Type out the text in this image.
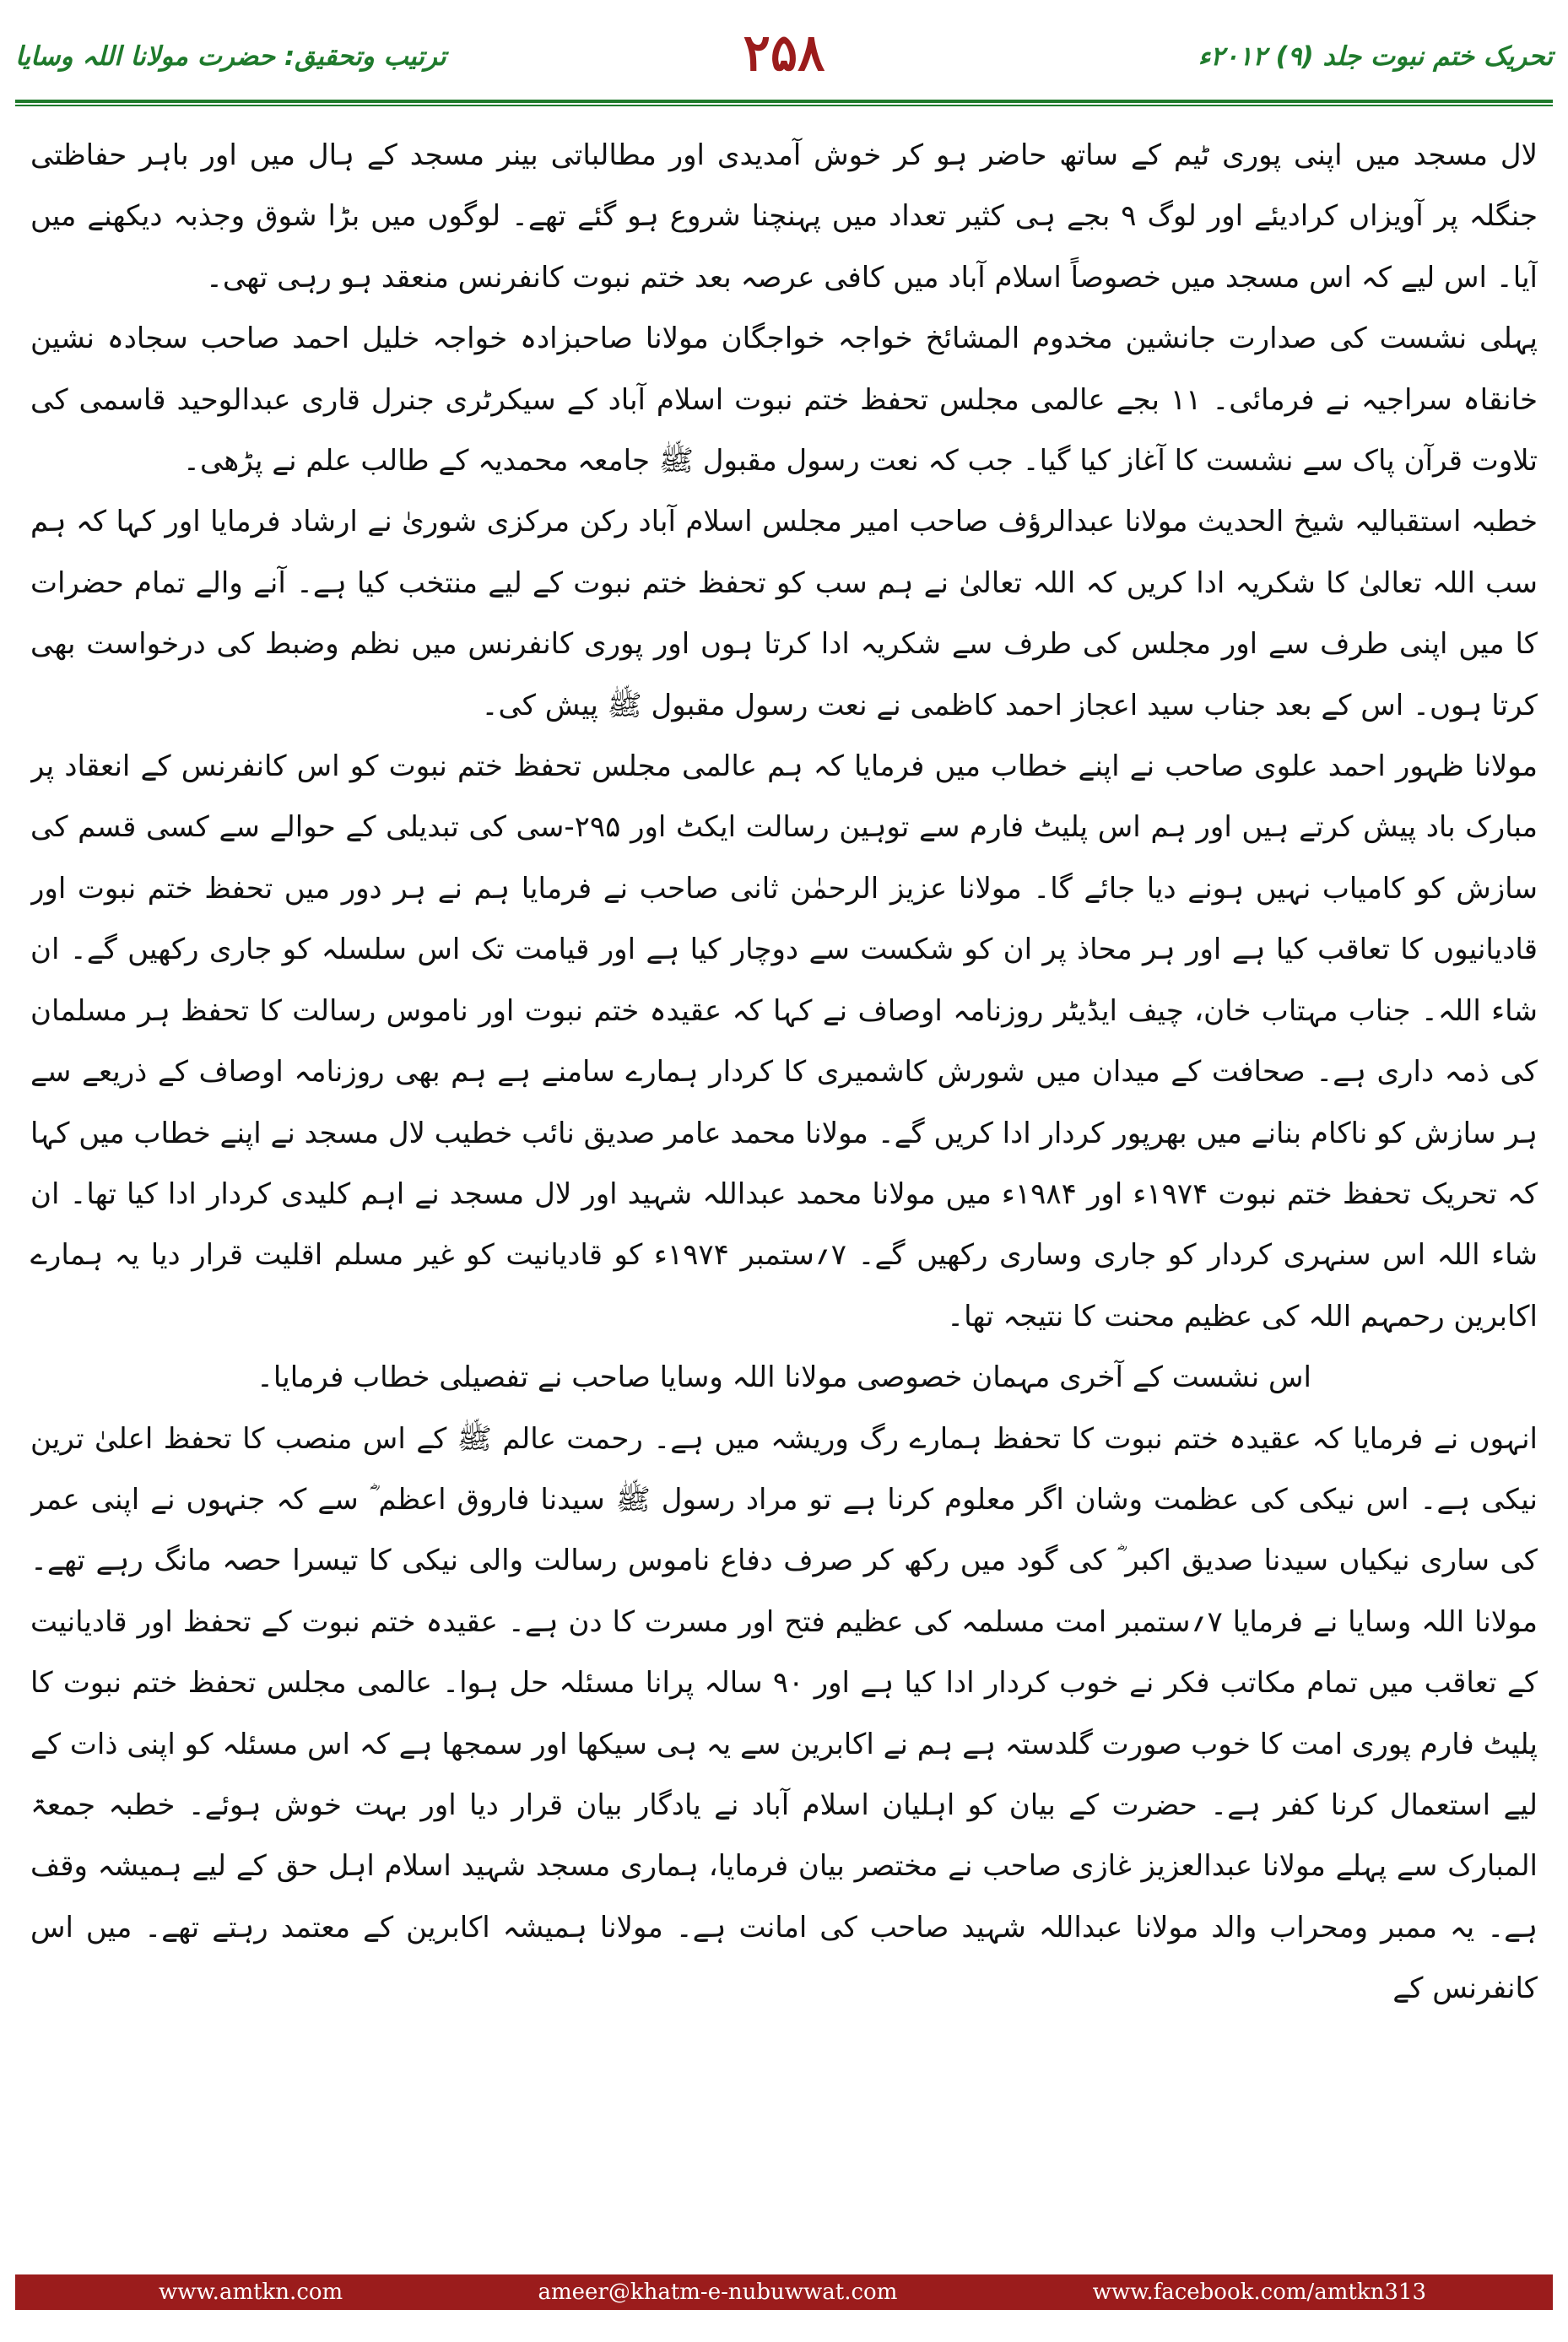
ترتیب وتحقیق: حضرت مولانا اللہ وسایا	۲۵۸	تحریک ختم نبوت جلد (۹) ۲۰۱۲ء

لال مسجد میں اپنی پوری ٹیم کے ساتھ حاضر ہو کر خوش آمدیدی اور مطالباتی بینر مسجد کے ہال میں اور باہر حفاظتی جنگلہ پر آویزاں کرادیئے اور لوگ ۹ بجے ہی کثیر تعداد میں پہنچنا شروع ہو گئے تھے۔ لوگوں میں بڑا شوق وجذبہ دیکھنے میں آیا۔ اس لیے کہ اس مسجد میں خصوصاً اسلام آباد میں کافی عرصہ بعد ختم نبوت کانفرنس منعقد ہو رہی تھی۔

پہلی نشست کی صدارت جانشین مخدوم المشائخ خواجہ خواجگان مولانا صاحبزادہ خواجہ خلیل احمد صاحب سجادہ نشین خانقاہ سراجیہ نے فرمائی۔ ۱۱ بجے عالمی مجلس تحفظ ختم نبوت اسلام آباد کے سیکرٹری جنرل قاری عبدالوحید قاسمی کی تلاوت قرآن پاک سے نشست کا آغاز کیا گیا۔ جب کہ نعت رسول مقبول ﷺ جامعہ محمدیہ کے طالب علم نے پڑھی۔

خطبہ استقبالیہ شیخ الحدیث مولانا عبدالرؤف صاحب امیر مجلس اسلام آباد رکن مرکزی شوریٰ نے ارشاد فرمایا اور کہا کہ ہم سب اللہ تعالیٰ کا شکریہ ادا کریں کہ اللہ تعالیٰ نے ہم سب کو تحفظ ختم نبوت کے لیے منتخب کیا ہے۔ آنے والے تمام حضرات کا میں اپنی طرف سے اور مجلس کی طرف سے شکریہ ادا کرتا ہوں اور پوری کانفرنس میں نظم وضبط کی درخواست بھی کرتا ہوں۔ اس کے بعد جناب سید اعجاز احمد کاظمی نے نعت رسول مقبول ﷺ پیش کی۔

مولانا ظہور احمد علوی صاحب نے اپنے خطاب میں فرمایا کہ ہم عالمی مجلس تحفظ ختم نبوت کو اس کانفرنس کے انعقاد پر مبارک باد پیش کرتے ہیں اور ہم اس پلیٹ فارم سے توہین رسالت ایکٹ اور ۲۹۵-سی کی تبدیلی کے حوالے سے کسی قسم کی سازش کو کامیاب نہیں ہونے دیا جائے گا۔ مولانا عزیز الرحمٰن ثانی صاحب نے فرمایا ہم نے ہر دور میں تحفظ ختم نبوت اور قادیانیوں کا تعاقب کیا ہے اور ہر محاذ پر ان کو شکست سے دوچار کیا ہے اور قیامت تک اس سلسلہ کو جاری رکھیں گے۔ ان شاء اللہ۔ جناب مہتاب خان، چیف ایڈیٹر روزنامہ اوصاف نے کہا کہ عقیدہ ختم نبوت اور ناموس رسالت کا تحفظ ہر مسلمان کی ذمہ داری ہے۔ صحافت کے میدان میں شورش کاشمیری کا کردار ہمارے سامنے ہے ہم بھی روزنامہ اوصاف کے ذریعے سے ہر سازش کو ناکام بنانے میں بھرپور کردار ادا کریں گے۔ مولانا محمد عامر صدیق نائب خطیب لال مسجد نے اپنے خطاب میں کہا کہ تحریک تحفظ ختم نبوت ۱۹۷۴ء اور ۱۹۸۴ء میں مولانا محمد عبداللہ شہید اور لال مسجد نے اہم کلیدی کردار ادا کیا تھا۔ ان شاء اللہ اس سنہری کردار کو جاری وساری رکھیں گے۔ ۷؍ستمبر ۱۹۷۴ء کو قادیانیت کو غیر مسلم اقلیت قرار دیا یہ ہمارے اکابرین رحمہم اللہ کی عظیم محنت کا نتیجہ تھا۔

اس نشست کے آخری مہمان خصوصی مولانا اللہ وسایا صاحب نے تفصیلی خطاب فرمایا۔

انہوں نے فرمایا کہ عقیدہ ختم نبوت کا تحفظ ہمارے رگ وریشہ میں ہے۔ رحمت عالم ﷺ کے اس منصب کا تحفظ اعلیٰ ترین نیکی ہے۔ اس نیکی کی عظمت وشان اگر معلوم کرنا ہے تو مراد رسول ﷺ سیدنا فاروق اعظم ؓ سے کہ جنہوں نے اپنی عمر کی ساری نیکیاں سیدنا صدیق اکبر ؓ کی گود میں رکھ کر صرف دفاع ناموس رسالت والی نیکی کا تیسرا حصہ مانگ رہے تھے۔ مولانا اللہ وسایا نے فرمایا ۷؍ستمبر امت مسلمہ کی عظیم فتح اور مسرت کا دن ہے۔ عقیدہ ختم نبوت کے تحفظ اور قادیانیت کے تعاقب میں تمام مکاتب فکر نے خوب کردار ادا کیا ہے اور ۹۰ سالہ پرانا مسئلہ حل ہوا۔ عالمی مجلس تحفظ ختم نبوت کا پلیٹ فارم پوری امت کا خوب صورت گلدستہ ہے ہم نے اکابرین سے یہ ہی سیکھا اور سمجھا ہے کہ اس مسئلہ کو اپنی ذات کے لیے استعمال کرنا کفر ہے۔ حضرت کے بیان کو اہلیان اسلام آباد نے یادگار بیان قرار دیا اور بہت خوش ہوئے۔ خطبہ جمعۃ المبارک سے پہلے مولانا عبدالعزیز غازی صاحب نے مختصر بیان فرمایا، ہماری مسجد شہید اسلام اہل حق کے لیے ہمیشہ وقف ہے۔ یہ ممبر ومحراب والد مولانا عبداللہ شہید صاحب کی امانت ہے۔ مولانا ہمیشہ اکابرین کے معتمد رہتے تھے۔ میں اس کانفرنس کے

www.amtkn.com	ameer@khatm-e-nubuwwat.com	www.facebook.com/amtkn313
